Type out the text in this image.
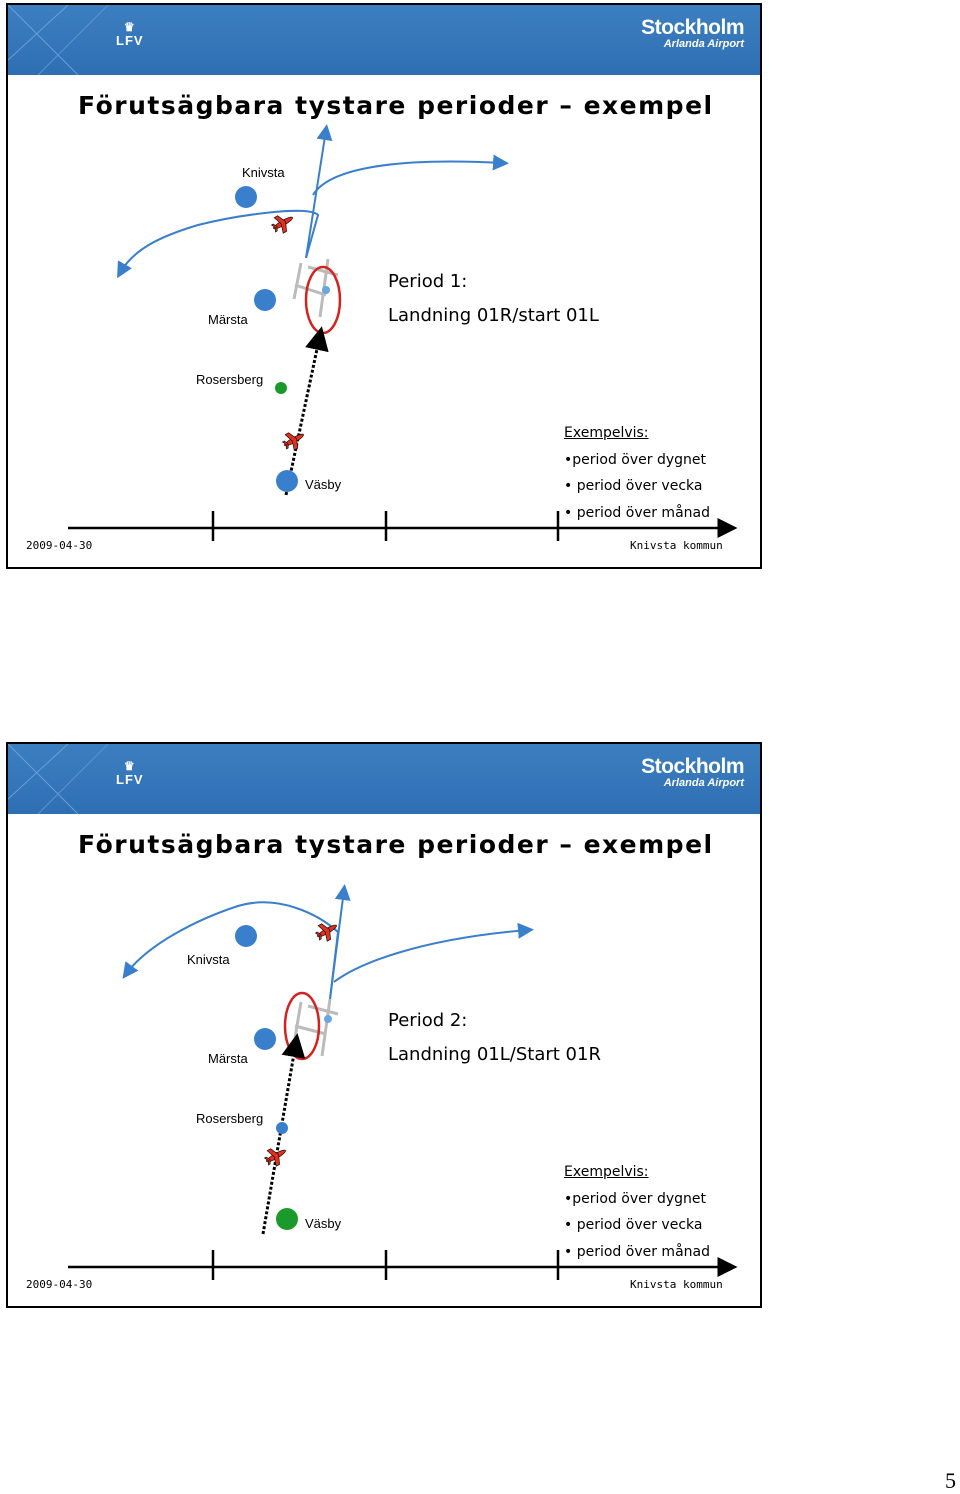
♛
LFV
Stockholm
Arlanda Airport
Förutsägbara tystare perioder – exempel
Knivsta
Märsta
Rosersberg
Väsby
Period 1:
Landning 01R/start 01L
Exempelvis:
•period över dygnet
• period över vecka
• period över månad
2009-04-30	Knivsta kommun
♛
LFV
Stockholm
Arlanda Airport
Förutsägbara tystare perioder – exempel
Knivsta
Märsta
Rosersberg
Väsby
Period 2:
Landning 01L/Start 01R
Exempelvis:
•period över dygnet
• period över vecka
• period över månad
2009-04-30	Knivsta kommun
5
